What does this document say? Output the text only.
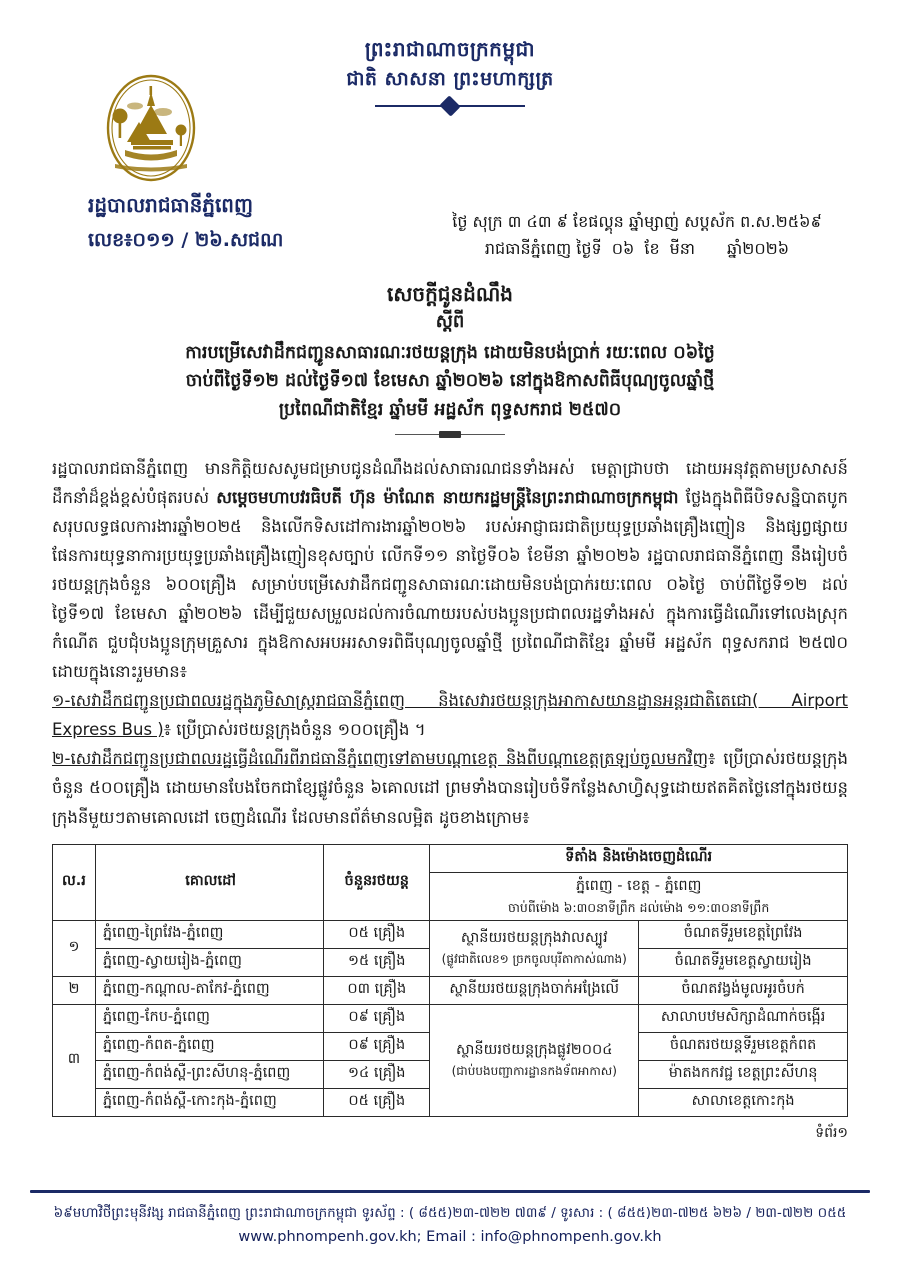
ព្រះរាជាណាចក្រកម្ពុជា
ជាតិ សាសនា ព្រះមហាក្សត្រ
រដ្ឋបាលរាជធានីភ្នំពេញ
លេខ៖០១១ / ២៦.សជណ
ថ្ងៃ សុក្រ ៣ ៤៣ ៩ ខែផល្គុន ឆ្នាំម្សាញ់ សប្តស័ក ព.ស.២៥៦៩
រាជធានីភ្នំពេញ ថ្ងៃទី ០៦ ខែ មីនា ឆ្នាំ២០២៦
សេចក្តីជូនដំណឹង
ស្តីពី
ការបម្រើសេវាដឹកជញ្ជូនសាធារណៈរថយន្តក្រុង ដោយមិនបង់ប្រាក់ រយៈពេល ០៦ថ្ងៃ
ចាប់ពីថ្ងៃទី១២ ដល់ថ្ងៃទី១៧ ខែមេសា ឆ្នាំ២០២៦ នៅក្នុងឱកាសពិធីបុណ្យចូលឆ្នាំថ្មី
ប្រពៃណីជាតិខ្មែរ ឆ្នាំមមី អដ្ឋស័ក ពុទ្ធសករាជ ២៥៧០

រដ្ឋបាលរាជធានីភ្នំពេញ មានកិត្តិយសសូមជម្រាបជូនដំណឹងដល់សាធារណជនទាំងអស់ មេត្តាជ្រាបថា ដោយអនុវត្តតាមប្រសាសន៍ដឹកនាំដ៏ខ្ពង់ខ្ពស់បំផុតរបស់ សម្តេចមហាបវរធិបតី ហ៊ុន ម៉ាណែត នាយករដ្ឋមន្ត្រីនៃព្រះរាជាណាចក្រកម្ពុជា ថ្លែងក្នុងពិធីបិទសន្និបាតបូកសរុបលទ្ធផលការងារឆ្នាំ២០២៥ និងលើកទិសដៅការងារឆ្នាំ២០២៦ របស់អាជ្ញាធរជាតិប្រយុទ្ធប្រឆាំងគ្រឿងញៀន និងផ្សព្វផ្សាយផែនការយុទ្ធនាការប្រយុទ្ធប្រឆាំងគ្រឿងញៀនខុសច្បាប់ លើកទី១១ នាថ្ងៃទី០៦ ខែមីនា ឆ្នាំ២០២៦ រដ្ឋបាលរាជធានីភ្នំពេញ នឹងរៀបចំរថយន្តក្រុងចំនួន ៦០០គ្រឿង សម្រាប់បម្រើសេវាដឹកជញ្ជូនសាធារណៈដោយមិនបង់ប្រាក់រយៈពេល ០៦ថ្ងៃ ចាប់ពីថ្ងៃទី១២ ដល់ថ្ងៃទី១៧ ខែមេសា ឆ្នាំ២០២៦ ដើម្បីជួយសម្រួលដល់ការចំណាយរបស់បងប្អូនប្រជាពលរដ្ឋទាំងអស់ ក្នុងការធ្វើដំណើរទៅលេងស្រុកកំណើត ជួបជុំបងប្អូនក្រុមគ្រួសារ ក្នុងឱកាសអបអរសាទរពិធីបុណ្យចូលឆ្នាំថ្មី ប្រពៃណីជាតិខ្មែរ ឆ្នាំមមី អដ្ឋស័ក ពុទ្ធសករាជ ២៥៧០ ដោយក្នុងនោះរួមមាន៖

១-សេវាដឹកជញ្ជូនប្រជាពលរដ្ឋក្នុងភូមិសាស្ត្ររាជធានីភ្នំពេញ និងសេវារថយន្តក្រុងអាកាសយានដ្ឋានអន្តរជាតិតេជោ( Airport Express Bus )៖ ប្រើប្រាស់រថយន្តក្រុងចំនួន ១០០គ្រឿង ។

២-សេវាដឹកជញ្ជូនប្រជាពលរដ្ឋធ្វើដំណើរពីរាជធានីភ្នំពេញទៅតាមបណ្តាខេត្ត និងពីបណ្តាខេត្តត្រឡប់ចូលមកវិញ៖ ប្រើប្រាស់រថយន្តក្រុងចំនួន ៥០០គ្រឿង ដោយមានបែងចែកជាខ្សែផ្លូវចំនួន ៦គោលដៅ ព្រមទាំងបានរៀបចំទីកន្លែងសាហ្វិសុទ្ធដោយឥតគិតថ្លៃនៅក្នុងរថយន្តក្រុងនីមួយៗតាមគោលដៅ ចេញដំណើរ ដែលមានព័ត៌មានលម្អិត ដូចខាងក្រោម៖

ល.រ	គោលដៅ	ចំនួនរថយន្ត	ទីតាំង និងម៉ោងចេញដំណើរ	
			ភ្នំពេញ - ខេត្ត - ភ្នំពេញ
ចាប់ពីម៉ោង ៦:៣០នាទីព្រឹក ដល់ម៉ោង ១១:៣០នាទីព្រឹក	

១	ភ្នំពេញ-ព្រៃវែង-ភ្នំពេញ	០៥ គ្រឿង	ស្ថានីយរថយន្តក្រុងវាលស្បូវ
(ផ្លូវជាតិលេខ១ ច្រកចូលបុរីតាកាស់ណាង)	ចំណតទីរួមខេត្តព្រៃវែង
	ភ្នំពេញ-ស្វាយរៀង-ភ្នំពេញ	១៥ គ្រឿង		ចំណតទីរួមខេត្តស្វាយរៀង
២	ភ្នំពេញ-កណ្តាល-តាកែវ-ភ្នំពេញ	០៣ គ្រឿង	ស្ថានីយរថយន្តក្រុងចាក់អង្រែលើ	ចំណតវង្វង់មូលអូរចំបក់
៣	ភ្នំពេញ-កែប-ភ្នំពេញ	០៩ គ្រឿង	ស្ថានីយរថយន្តក្រុងផ្លូវ២០០៤
(ជាប់បងបញ្ជាការដ្ឋានកងទ័ពអាកាស)	សាលាបឋមសិក្សាដំណាក់ចង្អើរ
	ភ្នំពេញ-កំពត-ភ្នំពេញ	០៩ គ្រឿង		ចំណតរថយន្តទីរួមខេត្តកំពត
	ភ្នំពេញ-កំពង់ស្ពឺ-ព្រះសីហនុ-ភ្នំពេញ	១៤ គ្រឿង		ម៉ាតងកកវជ្ជ ខេត្តព្រះសីហនុ
	ភ្នំពេញ-កំពង់ស្ពឺ-កោះកុង-ភ្នំពេញ	០៥ គ្រឿង		សាលាខេត្តកោះកុង
ទំព័រ១
៦៩មហាវិថីព្រះមុនីវង្ស រាជធានីភ្នំពេញ ព្រះរាជាណាចក្រកម្ពុជា ទូរស័ព្ទ : ( ៨៥៥)២៣-៧២២ ៧៣៩ / ទូរសារ : ( ៨៥៥)២៣-៧២៥ ៦២៦ / ២៣-៧២២ ០៥៥
www.phnompenh.gov.kh; Email : info@phnompenh.gov.kh
